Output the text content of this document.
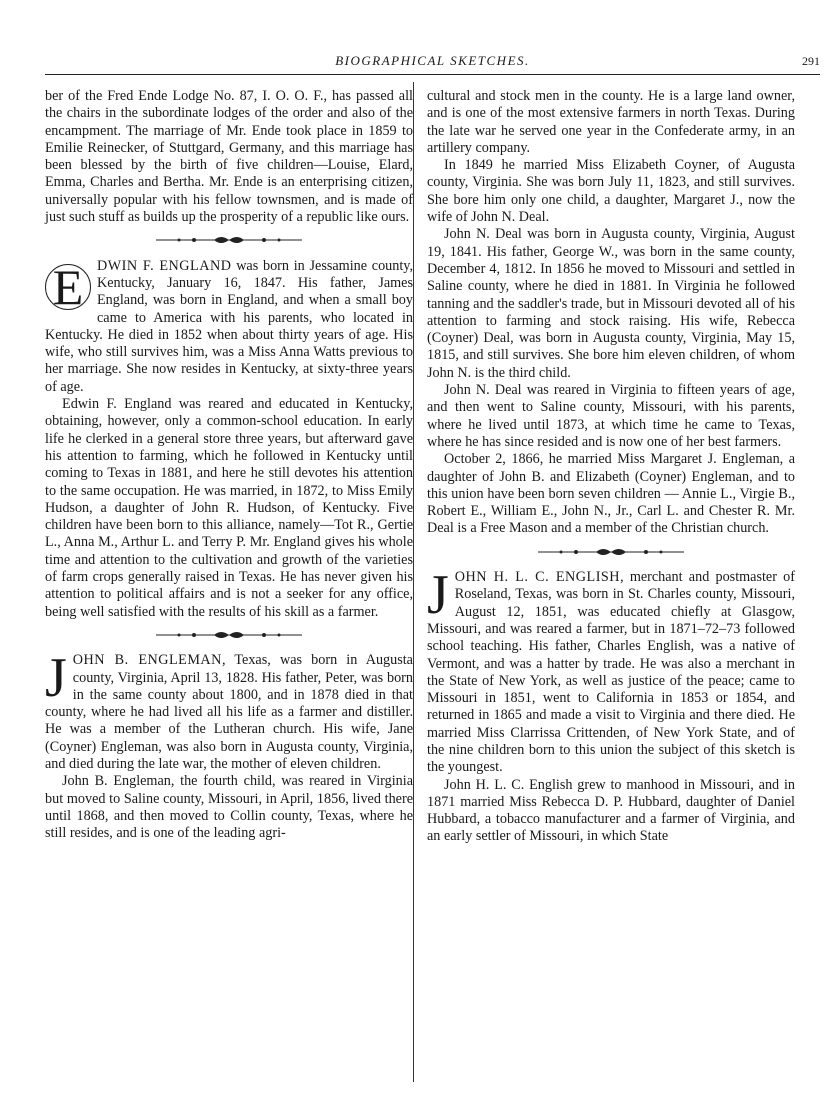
BIOGRAPHICAL SKETCHES.	291

ber of the Fred Ende Lodge No. 87, I. O. O. F., has passed all the chairs in the subordinate lodges of the order and also of the encampment. The marriage of Mr. Ende took place in 1859 to Emilie Reinecker, of Stuttgard, Germany, and this marriage has been blessed by the birth of five children—Louise, Elard, Emma, Charles and Bertha. Mr. Ende is an enterprising citizen, universally popular with his fellow townsmen, and is made of just such stuff as builds up the prosperity of a republic like ours.

E DWIN F. ENGLAND was born in Jessamine county, Kentucky, January 16, 1847. His father, James England, was born in England, and when a small boy came to America with his parents, who located in Kentucky. He died in 1852 when about thirty years of age. His wife, who still survives him, was a Miss Anna Watts previous to her marriage. She now resides in Kentucky, at sixty-three years of age.

Edwin F. England was reared and educated in Kentucky, obtaining, however, only a common-school education. In early life he clerked in a general store three years, but afterward gave his attention to farming, which he followed in Kentucky until coming to Texas in 1881, and here he still devotes his attention to the same occupation. He was married, in 1872, to Miss Emily Hudson, a daughter of John R. Hudson, of Kentucky. Five children have been born to this alliance, namely—Tot R., Gertie L., Anna M., Arthur L. and Terry P. Mr. England gives his whole time and attention to the cultivation and growth of the varieties of farm crops generally raised in Texas. He has never given his attention to political affairs and is not a seeker for any office, being well satisfied with the results of his skill as a farmer.

JOHN B. ENGLEMAN, Texas, was born in Augusta county, Virginia, April 13, 1828. His father, Peter, was born in the same county about 1800, and in 1878 died in that county, where he had lived all his life as a farmer and distiller. He was a member of the Lutheran church. His wife, Jane (Coyner) Engleman, was also born in Augusta county, Virginia, and died during the late war, the mother of eleven children.

John B. Engleman, the fourth child, was reared in Virginia but moved to Saline county, Missouri, in April, 1856, lived there until 1868, and then moved to Collin county, Texas, where he still resides, and is one of the leading agri-

cultural and stock men in the county. He is a large land owner, and is one of the most extensive farmers in north Texas. During the late war he served one year in the Confederate army, in an artillery company.

In 1849 he married Miss Elizabeth Coyner, of Augusta county, Virginia. She was born July 11, 1823, and still survives. She bore him only one child, a daughter, Margaret J., now the wife of John N. Deal.

John N. Deal was born in Augusta county, Virginia, August 19, 1841. His father, George W., was born in the same county, December 4, 1812. In 1856 he moved to Missouri and settled in Saline county, where he died in 1881. In Virginia he followed tanning and the saddler's trade, but in Missouri devoted all of his attention to farming and stock raising. His wife, Rebecca (Coyner) Deal, was born in Augusta county, Virginia, May 15, 1815, and still survives. She bore him eleven children, of whom John N. is the third child.

John N. Deal was reared in Virginia to fifteen years of age, and then went to Saline county, Missouri, with his parents, where he lived until 1873, at which time he came to Texas, where he has since resided and is now one of her best farmers.

October 2, 1866, he married Miss Margaret J. Engleman, a daughter of John B. and Elizabeth (Coyner) Engleman, and to this union have been born seven children — Annie L., Virgie B., Robert E., William E., John N., Jr., Carl L. and Chester R. Mr. Deal is a Free Mason and a member of the Christian church.

JOHN H. L. C. ENGLISH, merchant and postmaster of Roseland, Texas, was born in St. Charles county, Missouri, August 12, 1851, was educated chiefly at Glasgow, Missouri, and was reared a farmer, but in 1871–72–73 followed school teaching. His father, Charles English, was a native of Vermont, and was a hatter by trade. He was also a merchant in the State of New York, as well as justice of the peace; came to Missouri in 1851, went to California in 1853 or 1854, and returned in 1865 and made a visit to Virginia and there died. He married Miss Clarrissa Crittenden, of New York State, and of the nine children born to this union the subject of this sketch is the youngest.

John H. L. C. English grew to manhood in Missouri, and in 1871 married Miss Rebecca D. P. Hubbard, daughter of Daniel Hubbard, a tobacco manufacturer and a farmer of Virginia, and an early settler of Missouri, in which State
